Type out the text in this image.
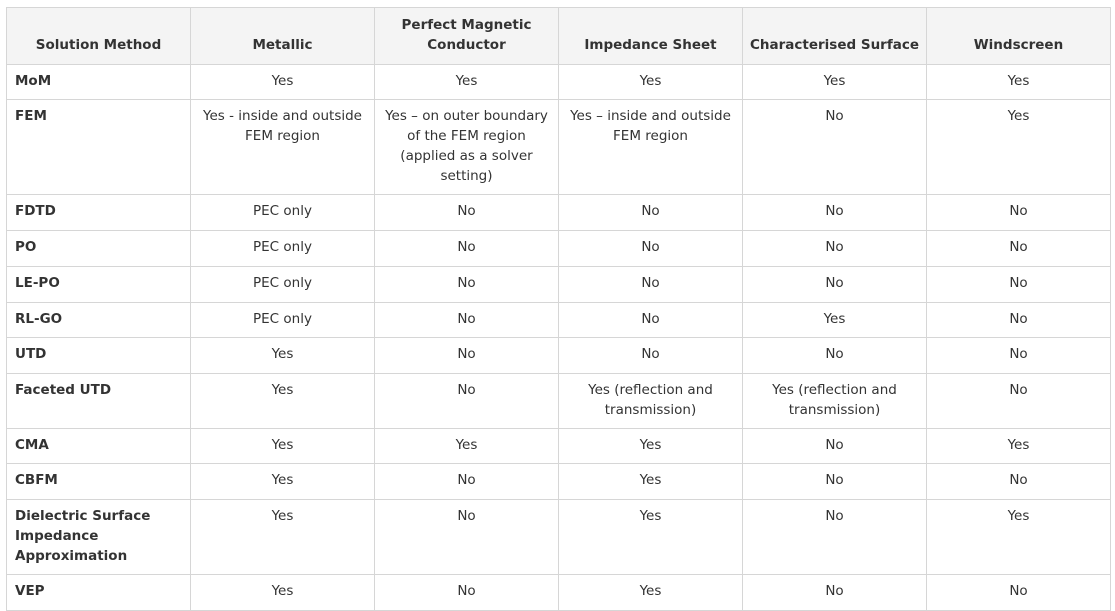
Solution Method	Metallic	Perfect Magnetic Conductor	Impedance Sheet	Characterised Surface	Windscreen
MoM	Yes	Yes	Yes	Yes	Yes
FEM	Yes - inside and outside FEM region	Yes – on outer boundary of the FEM region (applied as a solver setting)	Yes – inside and outside FEM region	No	Yes
FDTD	PEC only	No	No	No	No
PO	PEC only	No	No	No	No
LE-PO	PEC only	No	No	No	No
RL-GO	PEC only	No	No	Yes	No
UTD	Yes	No	No	No	No
Faceted UTD	Yes	No	Yes (reflection and transmission)	Yes (reflection and transmission)	No
CMA	Yes	Yes	Yes	No	Yes
CBFM	Yes	No	Yes	No	No
Dielectric Surface Impedance Approximation	Yes	No	Yes	No	Yes
VEP	Yes	No	Yes	No	No
